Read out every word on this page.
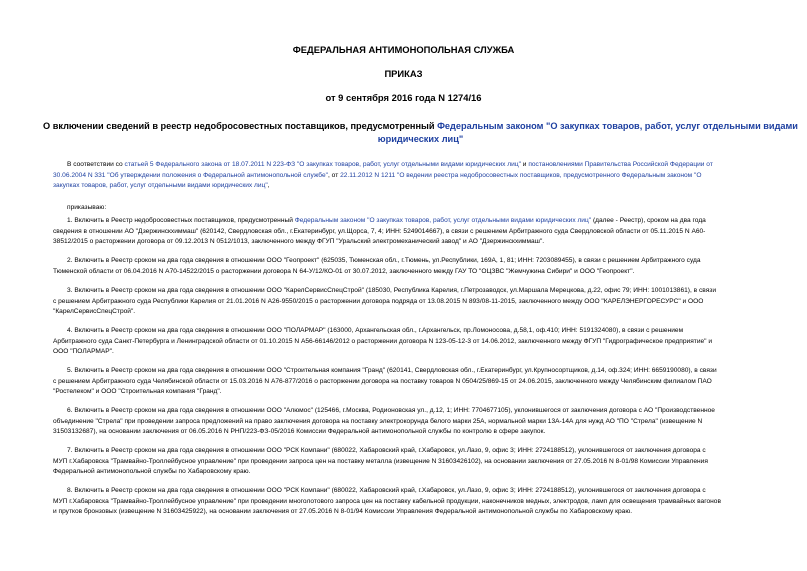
ФЕДЕРАЛЬНАЯ АНТИМОНОПОЛЬНАЯ СЛУЖБА
ПРИКАЗ
от 9 сентября 2016 года N 1274/16
О включении сведений в реестр недобросовестных поставщиков, предусмотренный Федеральным законом "О закупках товаров, работ, услуг отдельными видами
юридических лиц"
В соответствии со статьей 5 Федерального закона от 18.07.2011 N 223-ФЗ "О закупках товаров, работ, услуг отдельными видами юридических лиц" и постановлениями Правительства Российской Федерации от
30.06.2004 N 331 "Об утверждении положения о Федеральной антимонопольной службе", от 22.11.2012 N 1211 "О ведении реестра недобросовестных поставщиков, предусмотренного Федеральным законом "О
закупках товаров, работ, услуг отдельными видами юридических лиц",
приказываю:
1. Включить в Реестр недобросовестных поставщиков, предусмотренный Федеральным законом "О закупках товаров, работ, услуг отдельными видами юридических лиц" (далее - Реестр), сроком на два года
сведения в отношении АО "Дзержинскхиммаш" (620142, Свердловская обл., г.Екатеринбург, ул.Щорса, 7, 4; ИНН: 5249014667), в связи с решением Арбитражного суда Свердловской области от 05.11.2015 N А60-
38512/2015 о расторжении договора от 09.12.2013 N 0512/1013, заключенного между ФГУП "Уральский электромеханический завод" и АО "Дзержинскхиммаш".
2. Включить в Реестр сроком на два года сведения в отношении ООО "Геопроект" (625035, Тюменская обл., г.Тюмень, ул.Республики, 169А, 1, 81; ИНН: 7203089455), в связи с решением Арбитражного суда
Тюменской области от 06.04.2016 N А70-14522/2015 о расторжении договора N 64-У/12/КО-01 от 30.07.2012, заключенного между ГАУ ТО "ОЦЗВС "Жемчужина Сибири" и ООО "Геопроект".
3. Включить в Реестр сроком на два года сведения в отношении ООО "КарелСервисСпецСтрой" (185030, Республика Карелия, г.Петрозаводск, ул.Маршала Мерецкова, д.22, офис 79; ИНН: 1001013861), в связи
с решением Арбитражного суда Республики Карелия от 21.01.2016 N А26-9550/2015 о расторжении договора подряда от 13.08.2015 N 893/08-11-2015, заключенного между ООО "КАРЕЛЭНЕРГОРЕСУРС" и ООО
"КарелСервисСпецСтрой".
4. Включить в Реестр сроком на два года сведения в отношении ООО "ПОЛАРМАР" (163000, Архангельская обл., г.Архангельск, пр.Ломоносова, д.58,1, оф.410; ИНН: 5191324080), в связи с решением
Арбитражного суда Санкт-Петербурга и Ленинградской области от 01.10.2015 N А56-66146/2012 о расторжении договора N 123-05-12-3 от 14.06.2012, заключенного между ФГУП "Гидрографическое предприятие" и
ООО "ПОЛАРМАР".
5. Включить в Реестр сроком на два года сведения в отношении ООО "Строительная компания "Гранд" (620141, Свердловская обл., г.Екатеринбург, ул.Крупносортщиков, д.14, оф.324; ИНН: 6659190080), в связи
с решением Арбитражного суда Челябинской области от 15.03.2016 N А76-877/2016 о расторжении договора на поставку товаров N 0504/25/869-15 от 24.06.2015, заключенного между Челябинским филиалом ПАО
"Ростелеком" и ООО "Строительная компания "Гранд".
6. Включить в Реестр сроком на два года сведения в отношении ООО "Алюмос" (125466, г.Москва, Родионовская ул., д.12, 1; ИНН: 7704677105), уклонившегося от заключения договора с АО "Производственное
объединение "Стрела" при проведении запроса предложений на право заключения договора на поставку электрокорунда белого марки 25А, нормальной марки 13А-14А для нужд АО "ПО "Стрела" (извещение N
31503132687), на основании заключения от 06.05.2016 N РНП/223-ФЗ-05/2016 Комиссии Федеральной антимонопольной службы по контролю в сфере закупок.
7. Включить в Реестр сроком на два года сведения в отношении ООО "РСК Компани" (680022, Хабаровский край, г.Хабаровск, ул.Лазо, 9, офис 3; ИНН: 2724188512), уклонившегося от заключения договора с
МУП г.Хабаровска "Трамвайно-Троллейбусное управление" при проведении запроса цен на поставку металла (извещение N 31603426102), на основании заключения от 27.05.2016 N 8-01/98 Комиссии Управления
Федеральной антимонопольной службы по Хабаровскому краю.
8. Включить в Реестр сроком на два года сведения в отношении ООО "РСК Компани" (680022, Хабаровский край, г.Хабаровск, ул.Лазо, 9, офис 3; ИНН: 2724188512), уклонившегося от заключения договора с
МУП г.Хабаровска "Трамвайно-Троллейбусное управление" при проведении многолотового запроса цен на поставку кабельной продукции, наконечников медных, электродов, ламп для освещения трамвайных вагонов
и прутков бронзовых (извещение N 31603425922), на основании заключения от 27.05.2016 N 8-01/94 Комиссии Управления Федеральной антимонопольной службы по Хабаровскому краю.
